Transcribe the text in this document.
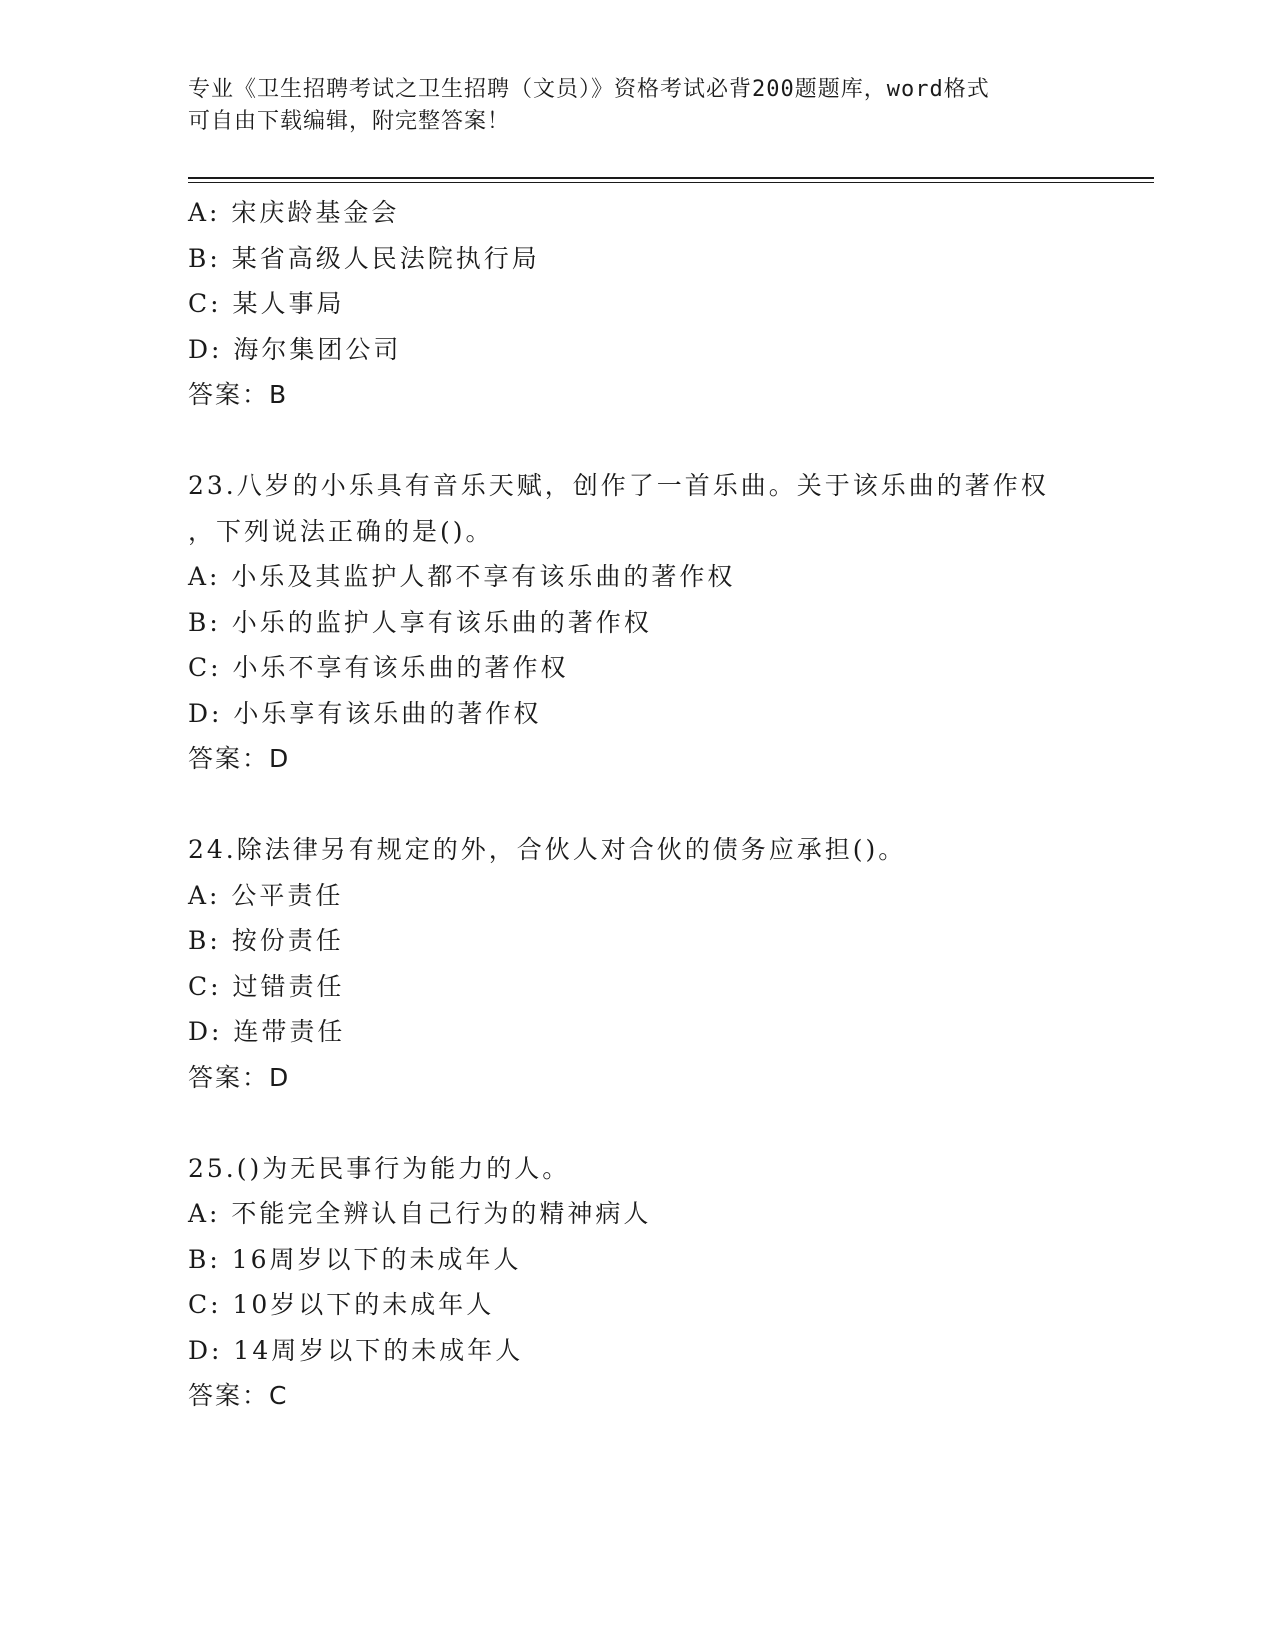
专业《卫生招聘考试之卫生招聘（文员）》资格考试必背200题题库，word格式
可自由下载编辑，附完整答案！
A: 宋庆龄基金会
B: 某省高级人民法院执行局
C: 某人事局
D: 海尔集团公司
答案：B
23.八岁的小乐具有音乐天赋，创作了一首乐曲。关于该乐曲的著作权
，下列说法正确的是()。
A: 小乐及其监护人都不享有该乐曲的著作权
B: 小乐的监护人享有该乐曲的著作权
C: 小乐不享有该乐曲的著作权
D: 小乐享有该乐曲的著作权
答案：D
24.除法律另有规定的外，合伙人对合伙的债务应承担()。
A: 公平责任
B: 按份责任
C: 过错责任
D: 连带责任
答案：D
25.()为无民事行为能力的人。
A: 不能完全辨认自己行为的精神病人
B: 16周岁以下的未成年人
C: 10岁以下的未成年人
D: 14周岁以下的未成年人
答案：C
